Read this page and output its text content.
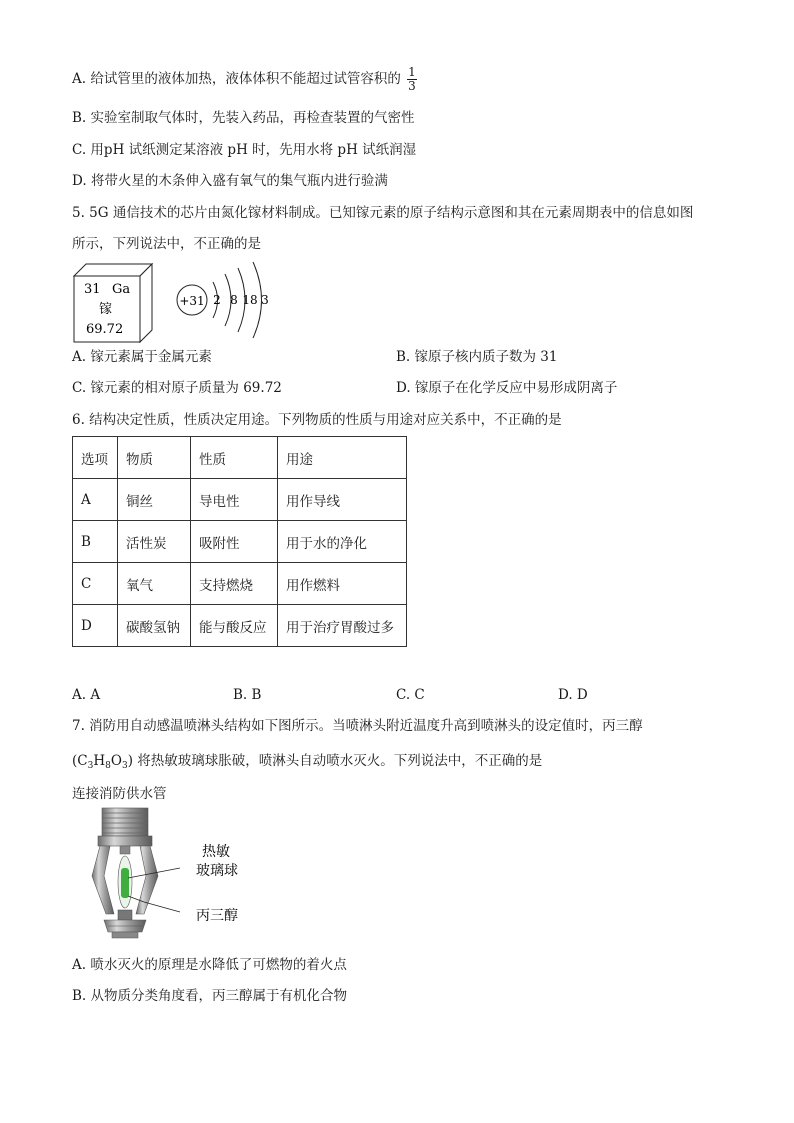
A. 给试管里的液体加热，液体体积不能超过试管容积的 $\frac{1}{3}$
B. 实验室制取气体时，先装入药品，再检查装置的气密性
C. 用pH 试纸测定某溶液 pH 时，先用水将 pH 试纸润湿
D. 将带火星的木条伸入盛有氧气的集气瓶内进行验满
5. 5G 通信技术的芯片由氮化镓材料制成。已知镓元素的原子结构示意图和其在元素周期表中的信息如图
所示，下列说法中，不正确的是
31 Ga
镓
69.72
+31 2 8 18 3
A. 镓元素属于金属元素	B. 镓原子核内质子数为 31
C. 镓元素的相对原子质量为 69.72	D. 镓原子在化学反应中易形成阴离子
6. 结构决定性质，性质决定用途。下列物质的性质与用途对应关系中，不正确的是
选项	物质	性质	用途
A	铜丝	导电性	用作导线
B	活性炭	吸附性	用于水的净化
C	氧气	支持燃烧	用作燃料
D	碳酸氢钠	能与酸反应	用于治疗胃酸过多
A. A	B. B	C. C	D. D
7. 消防用自动感温喷淋头结构如下图所示。当喷淋头附近温度升高到喷淋头的设定值时，丙三醇
$(C_3H_8O_3)$ 将热敏玻璃球胀破，喷淋头自动喷水灭火。下列说法中，不正确的是
连接消防供水管
热敏
玻璃球
丙三醇
A. 喷水灭火的原理是水降低了可燃物的着火点
B. 从物质分类角度看，丙三醇属于有机化合物
